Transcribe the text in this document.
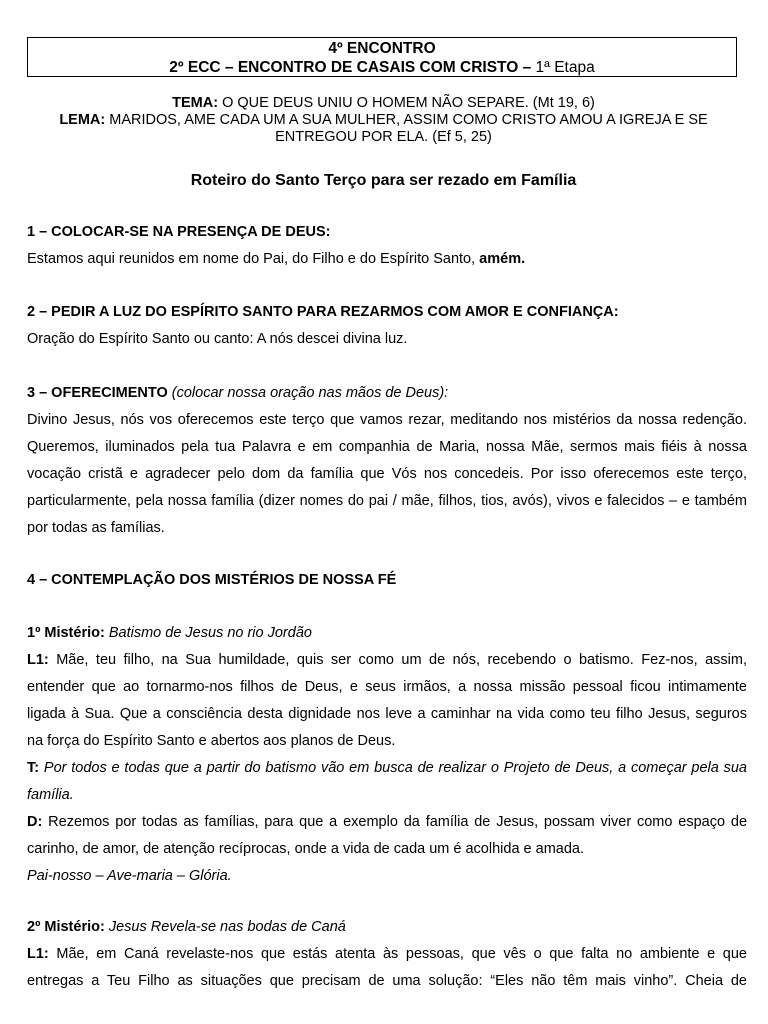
4º ENCONTRO
2º ECC – ENCONTRO DE CASAIS COM CRISTO – 1ª Etapa
TEMA: O QUE DEUS UNIU O HOMEM NÃO SEPARE. (Mt 19, 6)
LEMA: MARIDOS, AME CADA UM A SUA MULHER, ASSIM COMO CRISTO AMOU A IGREJA E SE
ENTREGOU POR ELA. (Ef 5, 25)
Roteiro do Santo Terço para ser rezado em Família
1 – COLOCAR-SE NA PRESENÇA DE DEUS:
Estamos aqui reunidos em nome do Pai, do Filho e do Espírito Santo, amém.
2 – PEDIR A LUZ DO ESPÍRITO SANTO PARA REZARMOS COM AMOR E CONFIANÇA:
Oração do Espírito Santo ou canto: A nós descei divina luz.
3 – OFERECIMENTO (colocar nossa oração nas mãos de Deus):
Divino Jesus, nós vos oferecemos este terço que vamos rezar, meditando nos mistérios da nossa redenção.
Queremos, iluminados pela tua Palavra e em companhia de Maria, nossa Mãe, sermos mais fiéis à nossa
vocação cristã e agradecer pelo dom da família que Vós nos concedeis. Por isso oferecemos este terço,
particularmente, pela nossa família (dizer nomes do pai / mãe, filhos, tios, avós), vivos e falecidos – e também
por todas as famílias.
4 – CONTEMPLAÇÃO DOS MISTÉRIOS DE NOSSA FÉ
1º Mistério: Batismo de Jesus no rio Jordão
L1: Mãe, teu filho, na Sua humildade, quis ser como um de nós, recebendo o batismo. Fez-nos, assim,
entender que ao tornarmo-nos filhos de Deus, e seus irmãos, a nossa missão pessoal ficou intimamente
ligada à Sua. Que a consciência desta dignidade nos leve a caminhar na vida como teu filho Jesus, seguros
na força do Espírito Santo e abertos aos planos de Deus.
T: Por todos e todas que a partir do batismo vão em busca de realizar o Projeto de Deus, a começar pela sua
família.
D: Rezemos por todas as famílias, para que a exemplo da família de Jesus, possam viver como espaço de
carinho, de amor, de atenção recíprocas, onde a vida de cada um é acolhida e amada.
Pai-nosso – Ave-maria – Glória.
2º Mistério: Jesus Revela-se nas bodas de Caná
L1: Mãe, em Caná revelaste-nos que estás atenta às pessoas, que vês o que falta no ambiente e que
entregas a Teu Filho as situações que precisam de uma solução: “Eles não têm mais vinho”. Cheia de
